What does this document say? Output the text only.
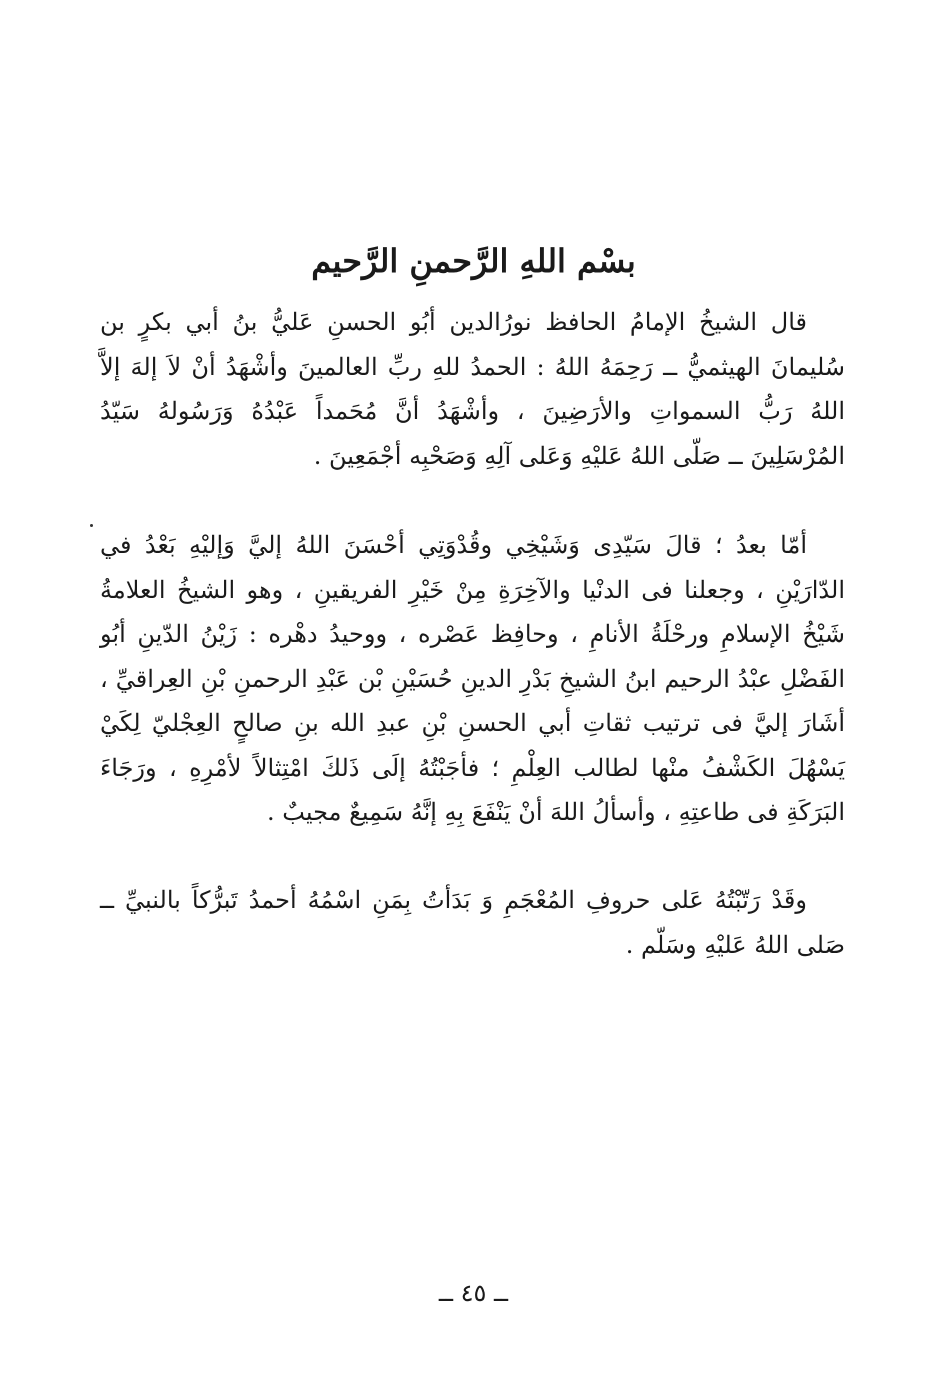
بسْم اللهِ الرَّحمنِ الرَّحيم
قال الشيخُ الإمامُ الحافظ نورُالدين أبُو الحسنِ عَليُّ بنُ أبي بكرٍ بن سُليمانَ الهيثميُّ ــ رَحِمَهُ اللهُ : الحمدُ للهِ ربِّ العالمينَ وأشْهَدُ أنْ لاَ إلهَ إلاَّ اللهُ رَبُّ السمواتِ والأرَضِينَ ، وأشْهَدُ أنَّ مُحَمداً عَبْدُهُ وَرَسُولهُ سَيّدُ المُرْسَلِينَ ــ صَلّى اللهُ عَليْهِ وَعَلى آلِهِ وَصَحْبِه أجْمَعِينَ .
أمّا بعدُ ؛ قالَ سَيّدِى وَشَيْخِي وقُدْوَتِي أحْسَنَ اللهُ إليَّ وَإليْهِ بَعْدُ في الدّارَيْنِ ، وجعلنا فى الدنْيا والآخِرَةِ مِنْ خَيْرِ الفريقينِ ، وهو الشيخُ العلامةُ شَيْخُ الإسلامِ ورحْلَةُ الأنامِ ، وحافِظ عَصْره ، ووحيدُ دهْره : زَيْنُ الدّينِ أبُو الفَضْلِ عبْدُ الرحيم ابنُ الشيخِ بَدْرِ الدينِ حُسَيْنِ بْن عَبْدِ الرحمنِ بْنِ العِراقيِّ ، أشَارَ إليَّ فى ترتيب ثقاتِ أبي الحسنِ بْنِ عبدِ الله بنِ صالحٍ العِجْليّ لِكَيْ يَسْهُلَ الكَشْفُ منْها لطالب العِلْمِ ؛ فأجَبْتُهُ إلَى ذَلكَ امْتِثالاً لأمْرِهِ ، ورَجَاءَ البَرَكَةِ فى طاعتِهِ ، وأسألُ اللهَ أنْ يَنْفَعَ بِهِ إنَّهُ سَمِيعٌ مجيبٌ .
وقَدْ رَتّبْتُهُ عَلى حروفِ المُعْجَمِ وَ بَدَأتُ بِمَنِ اسْمُهُ أحمدُ تَبرُّكاً بالنبيِّ ــ صَلى اللهُ عَليْهِ وسَلّم .
ــ ٤٥ ــ
